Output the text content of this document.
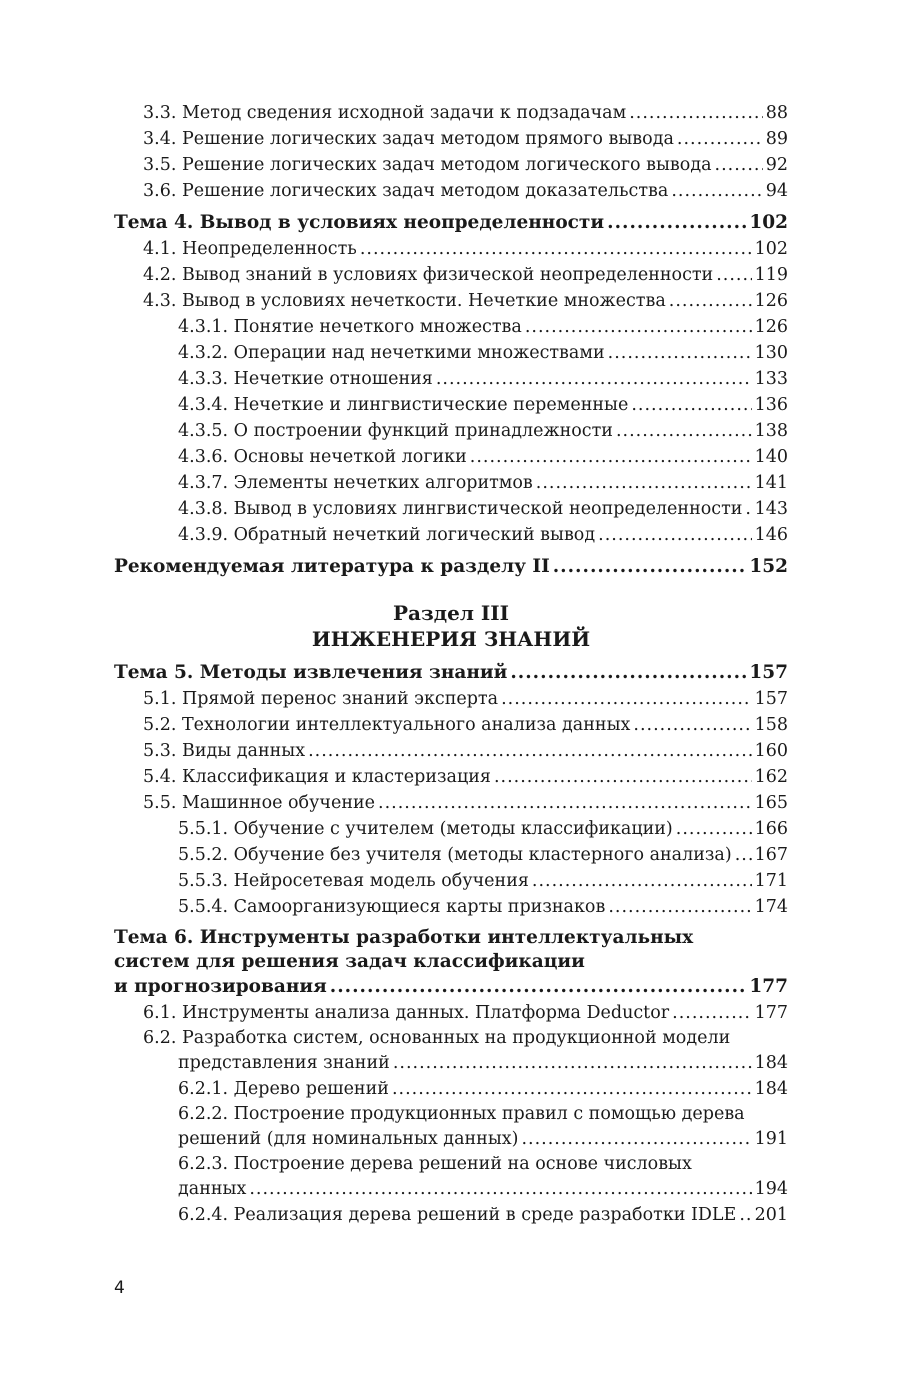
3.3. Метод сведения исходной задачи к подзадачам .....	88
3.4. Решение логических задач методом прямого вывода .....	89
3.5. Решение логических задач методом логического вывода .....	92
3.6. Решение логических задач методом доказательства .....	94
Тема 4. Вывод в условиях неопределенности .....	102
4.1. Неопределенность .....	102
4.2. Вывод знаний в условиях физической неопределенности ..... 119
4.3. Вывод в условиях нечеткости. Нечеткие множества .....	126
4.3.1. Понятие нечеткого множества .....	126
4.3.2. Операции над нечеткими множествами .....	130
4.3.3. Нечеткие отношения .....	133
4.3.4. Нечеткие и лингвистические переменные .....	136
4.3.5. О построении функций принадлежности .....	138
4.3.6. Основы нечеткой логики .....	140
4.3.7. Элементы нечетких алгоритмов .....	141
4.3.8. Вывод в условиях лингвистической неопределенности ..... 143
4.3.9. Обратный нечеткий логический вывод .....	146
Рекомендуемая литература к разделу II .....	152
Раздел III
ИНЖЕНЕРИЯ ЗНАНИЙ
Тема 5. Методы извлечения знаний .....	157
5.1. Прямой перенос знаний эксперта .....	157
5.2. Технологии интеллектуального анализа данных .....	158
5.3. Виды данных .....	160
5.4. Классификация и кластеризация .....	162
5.5. Машинное обучение .....	165
5.5.1. Обучение с учителем (методы классификации) .....	166
5.5.2. Обучение без учителя (методы кластерного анализа) ..... 167
5.5.3. Нейросетевая модель обучения .....	171
5.5.4. Самоорганизующиеся карты признаков .....	174
Тема 6. Инструменты разработки интеллектуальных
систем для решения задач классификации
и прогнозирования .....	177
6.1. Инструменты анализа данных. Платформа Deductor .....	177
6.2. Разработка систем, основанных на продукционной модели
представления знаний .....	184
6.2.1. Дерево решений .....	184
6.2.2. Построение продукционных правил с помощью дерева
решений (для номинальных данных) .....	191
6.2.3. Построение дерева решений на основе числовых
данных .....	194
6.2.4. Реализация дерева решений в среде разработки IDLE ..... 201
4
